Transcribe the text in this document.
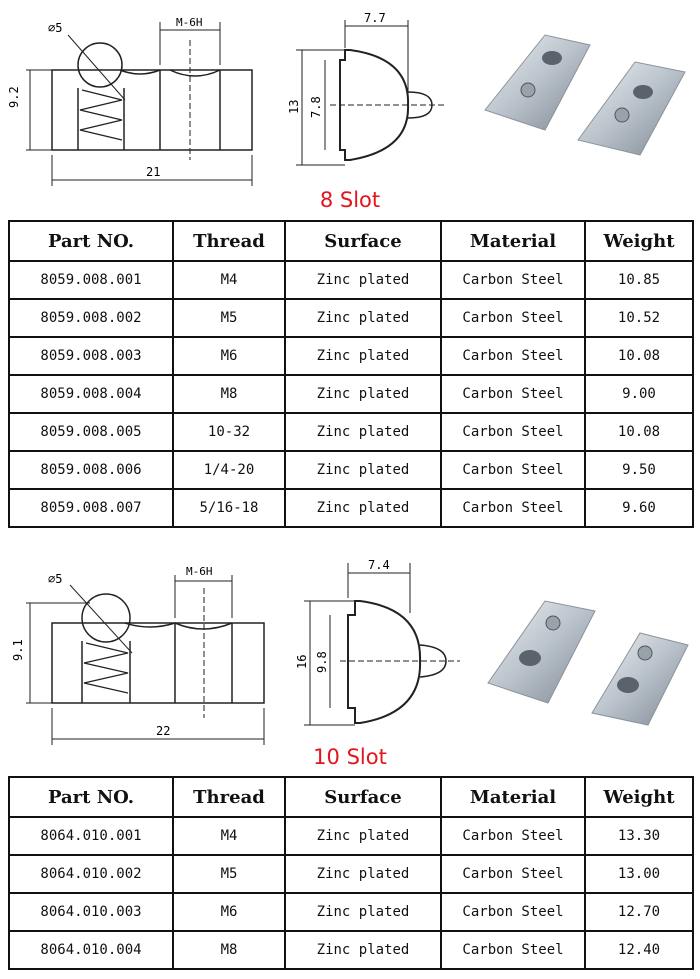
∅5	M-6H
9.2
21
7.7
13 7.8
8 Slot
Part NO.	Thread	Surface	Material	Weight
8059.008.001	M4	Zinc plated	Carbon Steel	10.85
8059.008.002	M5	Zinc plated	Carbon Steel	10.52
8059.008.003	M6	Zinc plated	Carbon Steel	10.08
8059.008.004	M8	Zinc plated	Carbon Steel	9.00
8059.008.005	10-32	Zinc plated	Carbon Steel	10.08
8059.008.006	1/4-20	Zinc plated	Carbon Steel	9.50
8059.008.007	5/16-18	Zinc plated	Carbon Steel	9.60
∅5
M-6H
9.1
22
7.4
16 9.8
10 Slot
Part NO.	Thread	Surface	Material	Weight
8064.010.001	M4	Zinc plated	Carbon Steel	13.30
8064.010.002	M5	Zinc plated	Carbon Steel	13.00
8064.010.003	M6	Zinc plated	Carbon Steel	12.70
8064.010.004	M8	Zinc plated	Carbon Steel	12.40
